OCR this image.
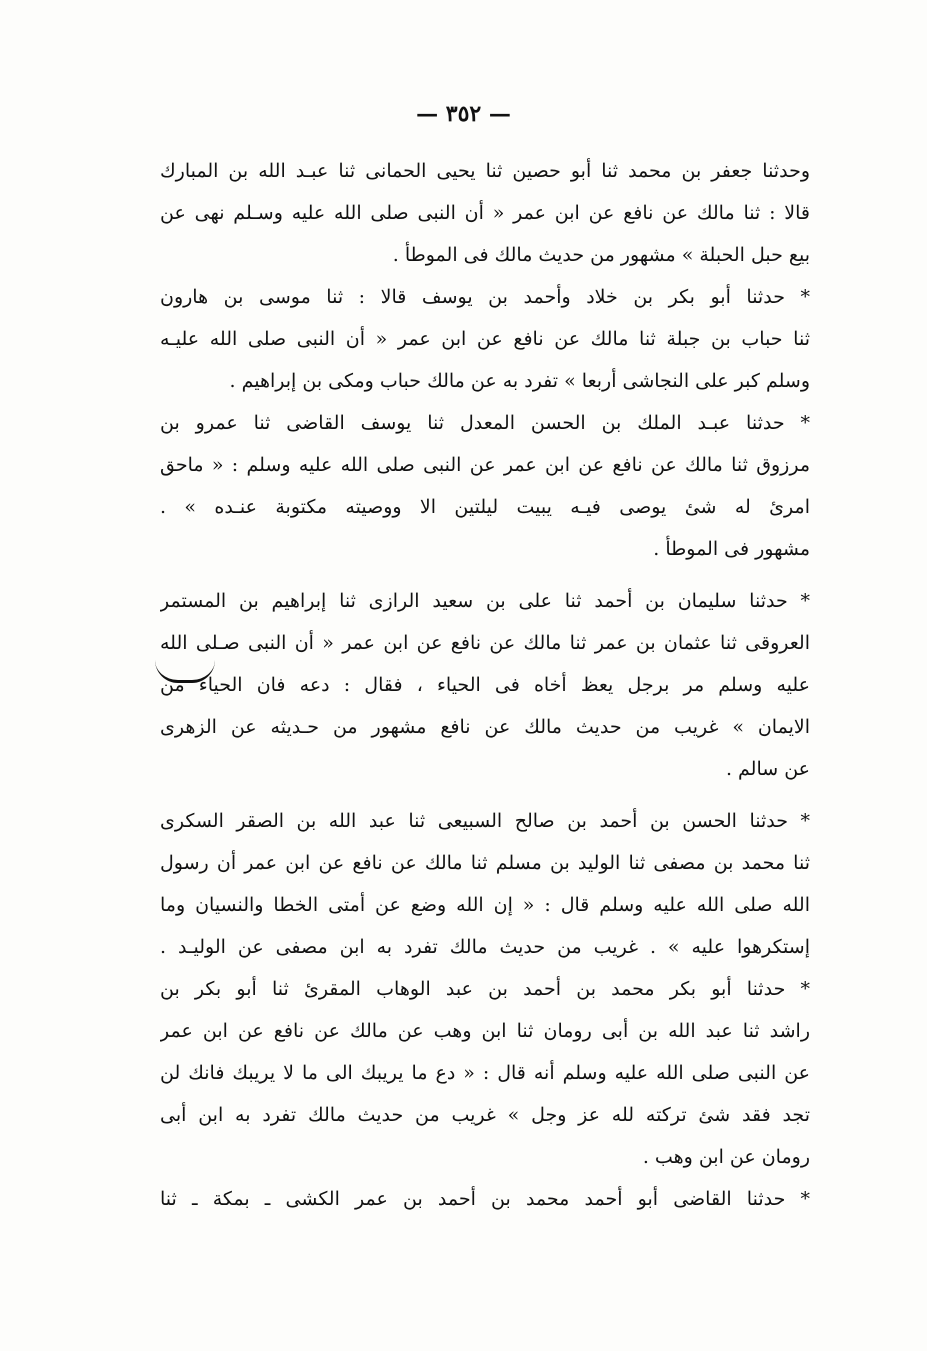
— ٣٥٢ —
وحدثنا جعفر بن محمد ثنا أبو حصين ثنا يحيى الحمانى ثنا عبـد الله بن المبارك
قالا : ثنا مالك عن نافع عن ابن عمر « أن النبى صلى الله عليه وسـلم نهى عن
بيع حبل الحبلة » مشهور من حديث مالك فى الموطأ .
* حدثنا أبو بكر بن خلاد وأحمد بن يوسف قالا : ثنا موسى بن هارون
ثنا حباب بن جبلة ثنا مالك عن نافع عن ابن عمر « أن النبى صلى الله عليـه
وسلم كبر على النجاشى أربعا » تفرد به عن مالك حباب ومكى بن إبراهيم .
* حدثنا عبـد الملك بن الحسن المعدل ثنا يوسف القاضى ثنا عمرو بن
مرزوق ثنا مالك عن نافع عن ابن عمر عن النبى صلى الله عليه وسلم : « ماحق
امرئ له شئ يوصى فيـه يبيت ليلتين الا ووصيته مكتوبة عنـده » .
مشهور فى الموطأ .
* حدثنا سليمان بن أحمد ثنا على بن سعيد الرازى ثنا إبراهيم بن المستمر
العروقى ثنا عثمان بن عمر ثنا مالك عن نافع عن ابن عمر « أن النبى صـلى الله
عليه وسلم مر برجل يعظ أخاه فى الحياء ، فقال : دعه فان الحياء من
الايمان » غريب من حديث مالك عن نافع مشهور من حـديثه عن الزهرى
عن سالم .
* حدثنا الحسن بن أحمد بن صالح السبيعى ثنا عبد الله بن الصقر السكرى
ثنا محمد بن مصفى ثنا الوليد بن مسلم ثنا مالك عن نافع عن ابن عمر أن رسول
الله صلى الله عليه وسلم قال : « إن الله وضع عن أمتى الخطا والنسيان وما
إستكرهوا عليه » . غريب من حديث مالك تفرد به ابن مصفى عن الوليـد .
* حدثنا أبو بكر محمد بن أحمد بن عبد الوهاب المقرئ ثنا أبو بكر بن
راشد ثنا عبد الله بن أبى رومان ثنا ابن وهب عن مالك عن نافع عن ابن عمر
عن النبى صلى الله عليه وسلم أنه قال : « دع ما يريبك الى ما لا يريبك فانك لن
تجد فقد شئ تركته لله عز وجل » غريب من حديث مالك تفرد به ابن أبى
رومان عن ابن وهب .
* حدثنا القاضى أبو أحمد محمد بن أحمد بن عمر الكشى ـ بمكة ـ ثنا
